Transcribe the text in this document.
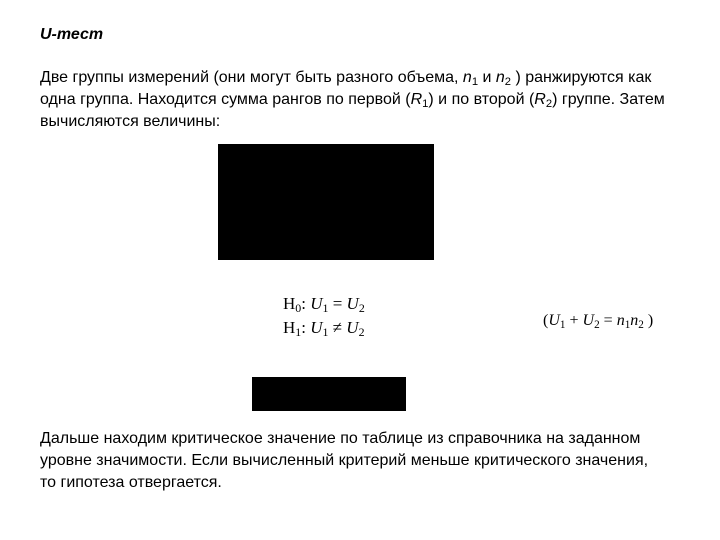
U-тест
Две группы измерений (они могут быть разного объема, $n_1$ и $n_2$ ) ранжируются как одна группа. Находится сумма рангов по первой $(R_1)$ и по второй $(R_2)$ группе. Затем вычисляются величины:
$H_0$: $U_1 = U_2$
$H_1$: $U_1 \ne U_2$
($U_1 + U_2 = n_1n_2$ )
Дальше находим критическое значение по таблице из справочника на заданном уровне значимости. Если вычисленный критерий меньше критического значения, то гипотеза отвергается.
